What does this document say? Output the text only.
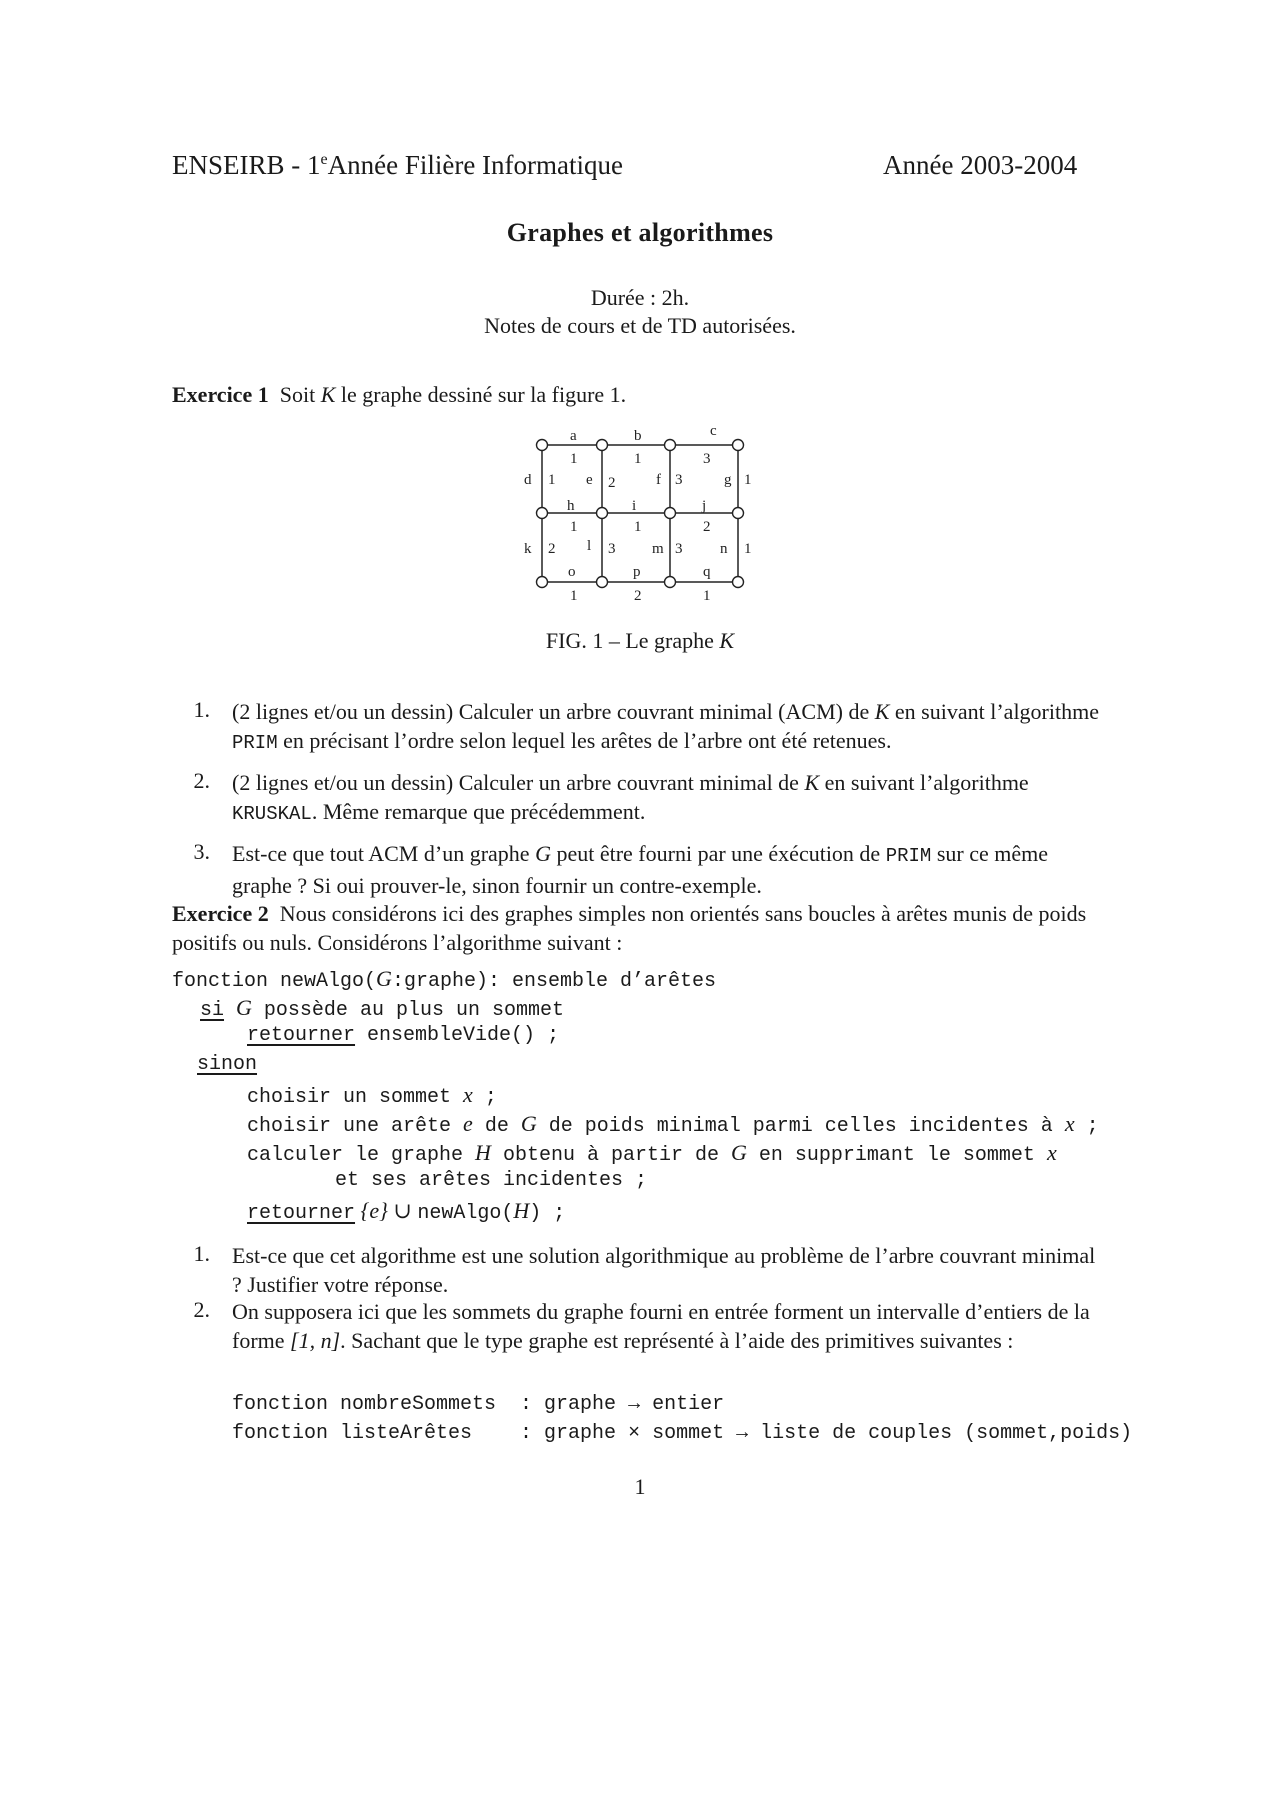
ENSEIRB - 1eAnnée Filière Informatique	Année 2003-2004
Graphes et algorithmes
Durée : 2h.
Notes de cours et de TD autorisées.
Exercice 1 Soit K le graphe dessiné sur la figure 1.
a	b	c
d	e	f	g
h	i	j
k	l	m	n
o	p	q
1	1	3
1	2	3	1
1	1	2
2	3	3	1
1	2	1
FIG. 1 – Le graphe K
1. (2 lignes et/ou un dessin) Calculer un arbre couvrant minimal (ACM) de K en suivant l’algorithme PRIM en précisant l’ordre selon lequel les arêtes de l’arbre ont été retenues.
2. (2 lignes et/ou un dessin) Calculer un arbre couvrant minimal de K en suivant l’algorithme KRUSKAL. Même remarque que précédemment.
3. Est-ce que tout ACM d’un graphe G peut être fourni par une éxécution de PRIM sur ce même graphe ? Si oui prouver-le, sinon fournir un contre-exemple.
Exercice 2 Nous considérons ici des graphes simples non orientés sans boucles à arêtes munis de poids positifs ou nuls. Considérons l’algorithme suivant :
fonction newAlgo(G:graphe): ensemble d’arêtes
si G possède au plus un sommet
retourner ensembleVide() ;
sinon
choisir un sommet x ;
choisir une arête e de G de poids minimal parmi celles incidentes à x ;
calculer le graphe H obtenu à partir de G en supprimant le sommet x
et ses arêtes incidentes ;
retourner {e} ∪ newAlgo(H) ;
1. Est-ce que cet algorithme est une solution algorithmique au problème de l’arbre couvrant minimal ? Justifier votre réponse.
2. On supposera ici que les sommets du graphe fourni en entrée forment un intervalle d’entiers de la forme [1, n]. Sachant que le type graphe est représenté à l’aide des primitives suivantes :
fonction nombreSommets  : graphe → entier
fonction listeArêtes    : graphe × sommet → liste de couples (sommet,poids)
1
